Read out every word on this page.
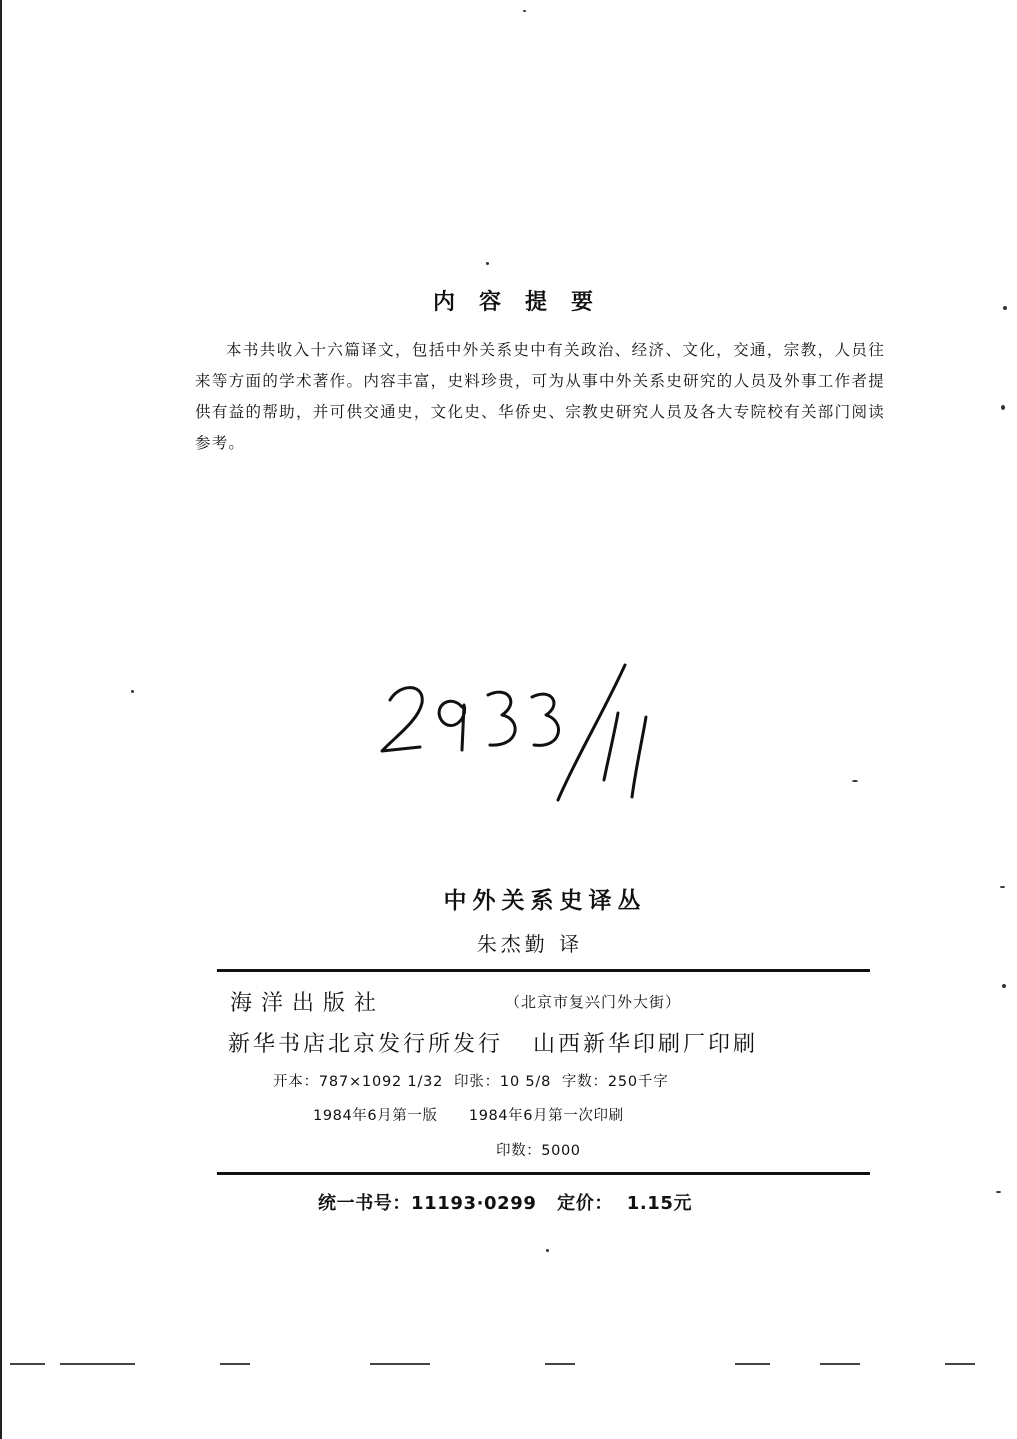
内容提要

本书共收入十六篇译文，包括中外关系史中有关政治、经济、文化，交通，宗教，人员往来等方面的学术著作。内容丰富，史料珍贵，可为从事中外关系史研究的人员及外事工作者提供有益的帮助，并可供交通史，文化史、华侨史、宗教史研究人员及各大专院校有关部门阅读参考。

中外关系史译丛
朱杰勤 译
海洋出版社	（北京市复兴门外大街）
新华书店北京发行所发行   山西新华印刷厂印刷
开本：787×1092 1/32  印张：10 5/8  字数：250千字
1984年6月第一版      1984年6月第一次印刷
印数：5000
统一书号：11193·0299   定价：  1.15元
